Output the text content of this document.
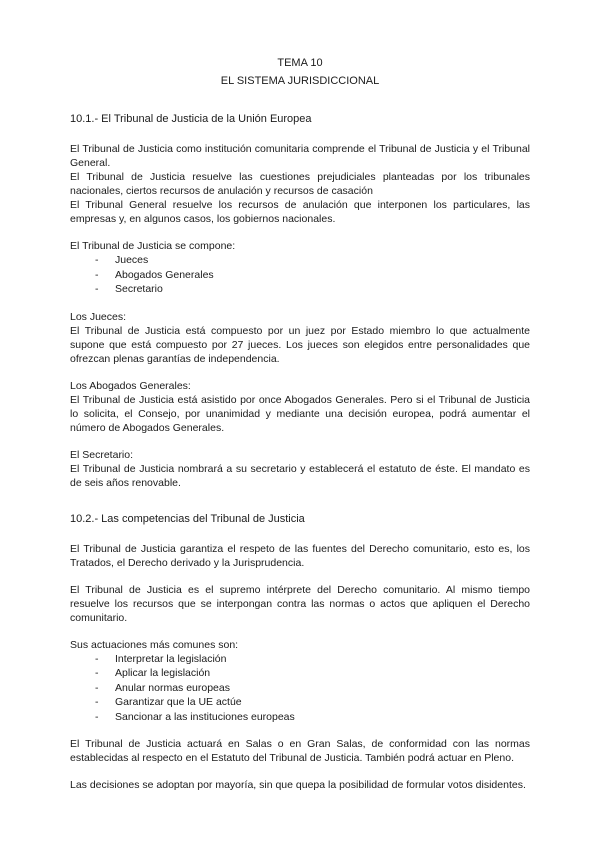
TEMA 10
EL SISTEMA JURISDICCIONAL
10.1.- El Tribunal de Justicia de la Unión Europea

El Tribunal de Justicia como institución comunitaria comprende el Tribunal de Justicia y el Tribunal General.

El Tribunal de Justicia resuelve las cuestiones prejudiciales planteadas por los tribunales nacionales, ciertos recursos de anulación y recursos de casación

El Tribunal General resuelve los recursos de anulación que interponen los particulares, las empresas y, en algunos casos, los gobiernos nacionales.

El Tribunal de Justicia se compone:

-	Jueces
-	Abogados Generales
-	Secretario

Los Jueces:

El Tribunal de Justicia está compuesto por un juez por Estado miembro lo que actualmente supone que está compuesto por 27 jueces. Los jueces son elegidos entre personalidades que ofrezcan plenas garantías de independencia.

Los Abogados Generales:

El Tribunal de Justicia está asistido por once Abogados Generales. Pero si el Tribunal de Justicia lo solicita, el Consejo, por unanimidad y mediante una decisión europea, podrá aumentar el número de Abogados Generales.

El Secretario:

El Tribunal de Justicia nombrará a su secretario y establecerá el estatuto de éste. El mandato es de seis años renovable.

10.2.- Las competencias del Tribunal de Justicia

El Tribunal de Justicia garantiza el respeto de las fuentes del Derecho comunitario, esto es, los Tratados, el Derecho derivado y la Jurisprudencia.

El Tribunal de Justicia es el supremo intérprete del Derecho comunitario. Al mismo tiempo resuelve los recursos que se interpongan contra las normas o actos que apliquen el Derecho comunitario.

Sus actuaciones más comunes son:

-	Interpretar la legislación
-	Aplicar la legislación
-	Anular normas europeas
-	Garantizar que la UE actúe
-	Sancionar a las instituciones europeas

El Tribunal de Justicia actuará en Salas o en Gran Salas, de conformidad con las normas establecidas al respecto en el Estatuto del Tribunal de Justicia. También podrá actuar en Pleno.

Las decisiones se adoptan por mayoría, sin que quepa la posibilidad de formular votos disidentes.
